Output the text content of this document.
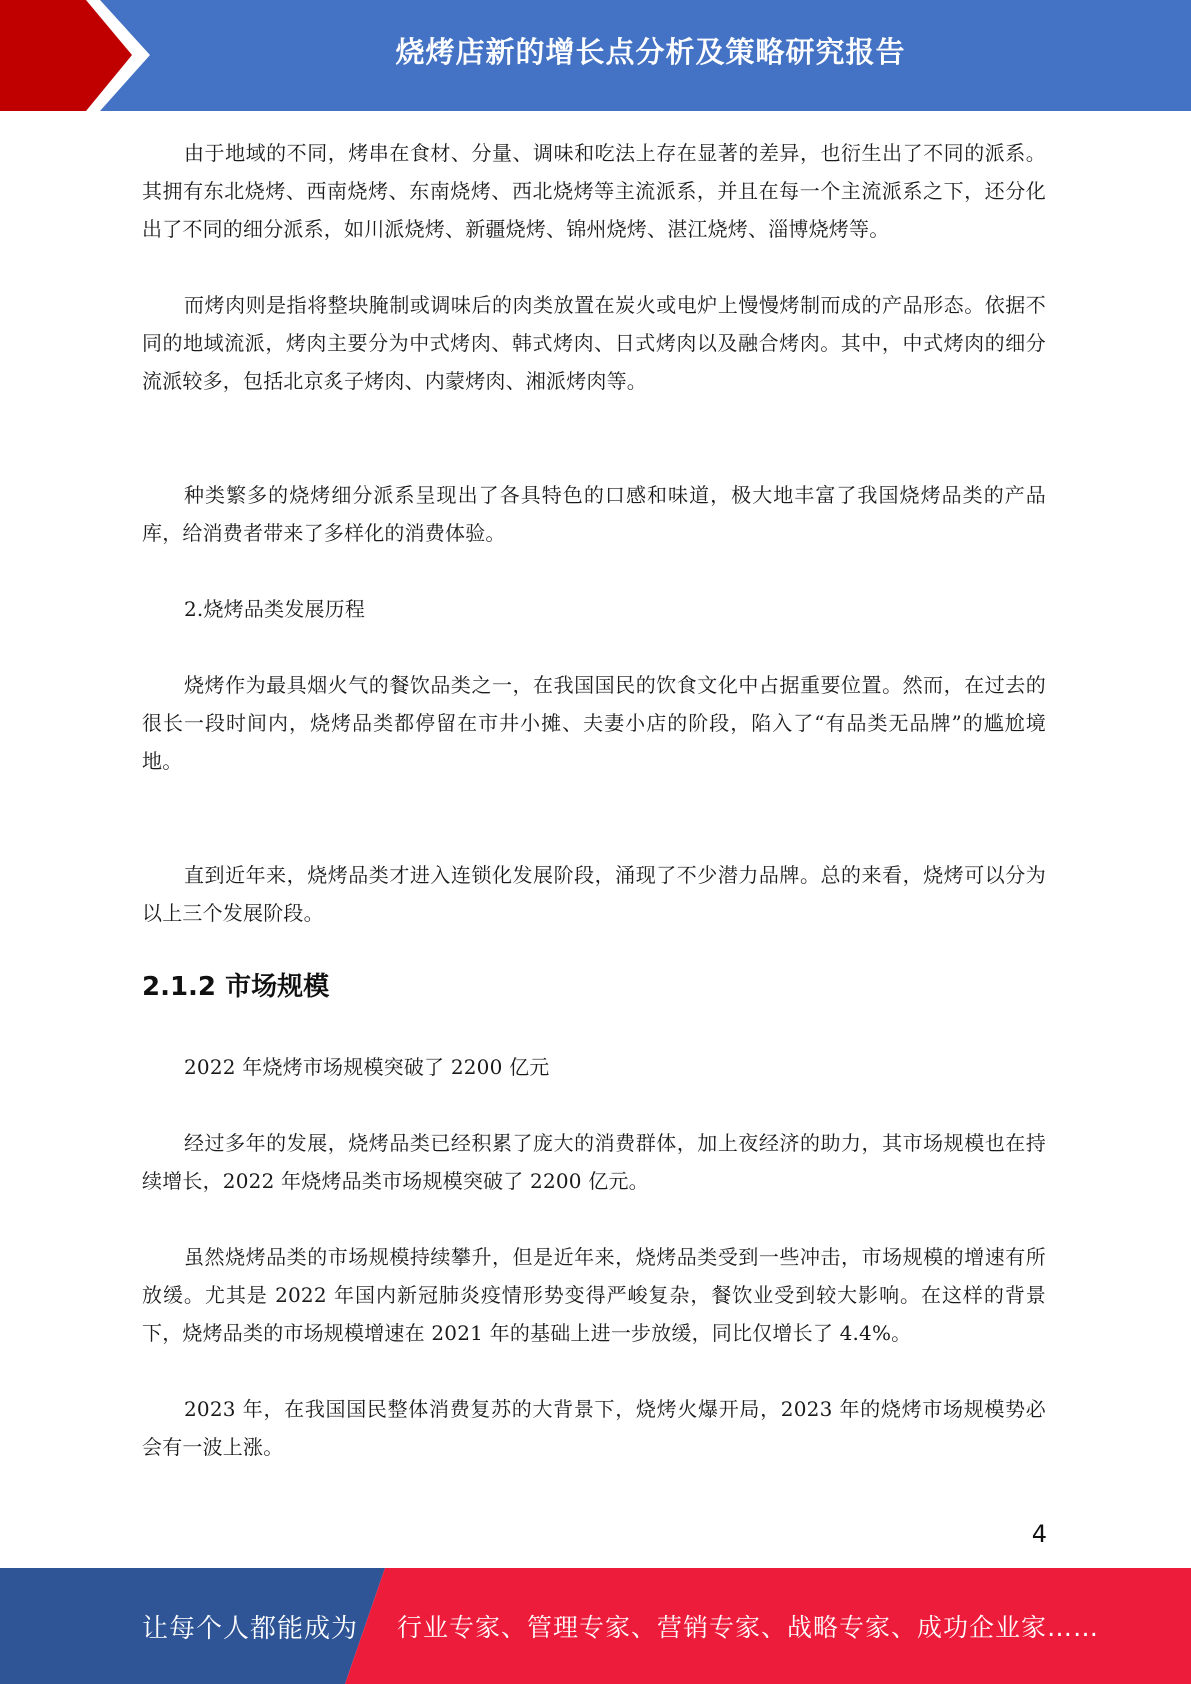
烧烤店新的增长点分析及策略研究报告

由于地域的不同，烤串在食材、分量、调味和吃法上存在显著的差异，也衍生出了不同的派系。其拥有东北烧烤、西南烧烤、东南烧烤、西北烧烤等主流派系，并且在每一个主流派系之下，还分化出了不同的细分派系，如川派烧烤、新疆烧烤、锦州烧烤、湛江烧烤、淄博烧烤等。

而烤肉则是指将整块腌制或调味后的肉类放置在炭火或电炉上慢慢烤制而成的产品形态。依据不同的地域流派，烤肉主要分为中式烤肉、韩式烤肉、日式烤肉以及融合烤肉。其中，中式烤肉的细分流派较多，包括北京炙子烤肉、内蒙烤肉、湘派烤肉等。

种类繁多的烧烤细分派系呈现出了各具特色的口感和味道，极大地丰富了我国烧烤品类的产品库，给消费者带来了多样化的消费体验。

2.烧烤品类发展历程

烧烤作为最具烟火气的餐饮品类之一，在我国国民的饮食文化中占据重要位置。然而，在过去的很长一段时间内，烧烤品类都停留在市井小摊、夫妻小店的阶段，陷入了“有品类无品牌”的尴尬境地。

直到近年来，烧烤品类才进入连锁化发展阶段，涌现了不少潜力品牌。总的来看，烧烤可以分为以上三个发展阶段。

2.1.2 市场规模

2022 年烧烤市场规模突破了 2200 亿元

经过多年的发展，烧烤品类已经积累了庞大的消费群体，加上夜经济的助力，其市场规模也在持续增长，2022 年烧烤品类市场规模突破了 2200 亿元。

虽然烧烤品类的市场规模持续攀升，但是近年来，烧烤品类受到一些冲击，市场规模的增速有所放缓。尤其是 2022 年国内新冠肺炎疫情形势变得严峻复杂，餐饮业受到较大影响。在这样的背景下，烧烤品类的市场规模增速在 2021 年的基础上进一步放缓，同比仅增长了 4.4%。

2023 年，在我国国民整体消费复苏的大背景下，烧烤火爆开局，2023 年的烧烤市场规模势必会有一波上涨。

4
让每个人都能成为 行业专家、管理专家、营销专家、战略专家、成功企业家……
